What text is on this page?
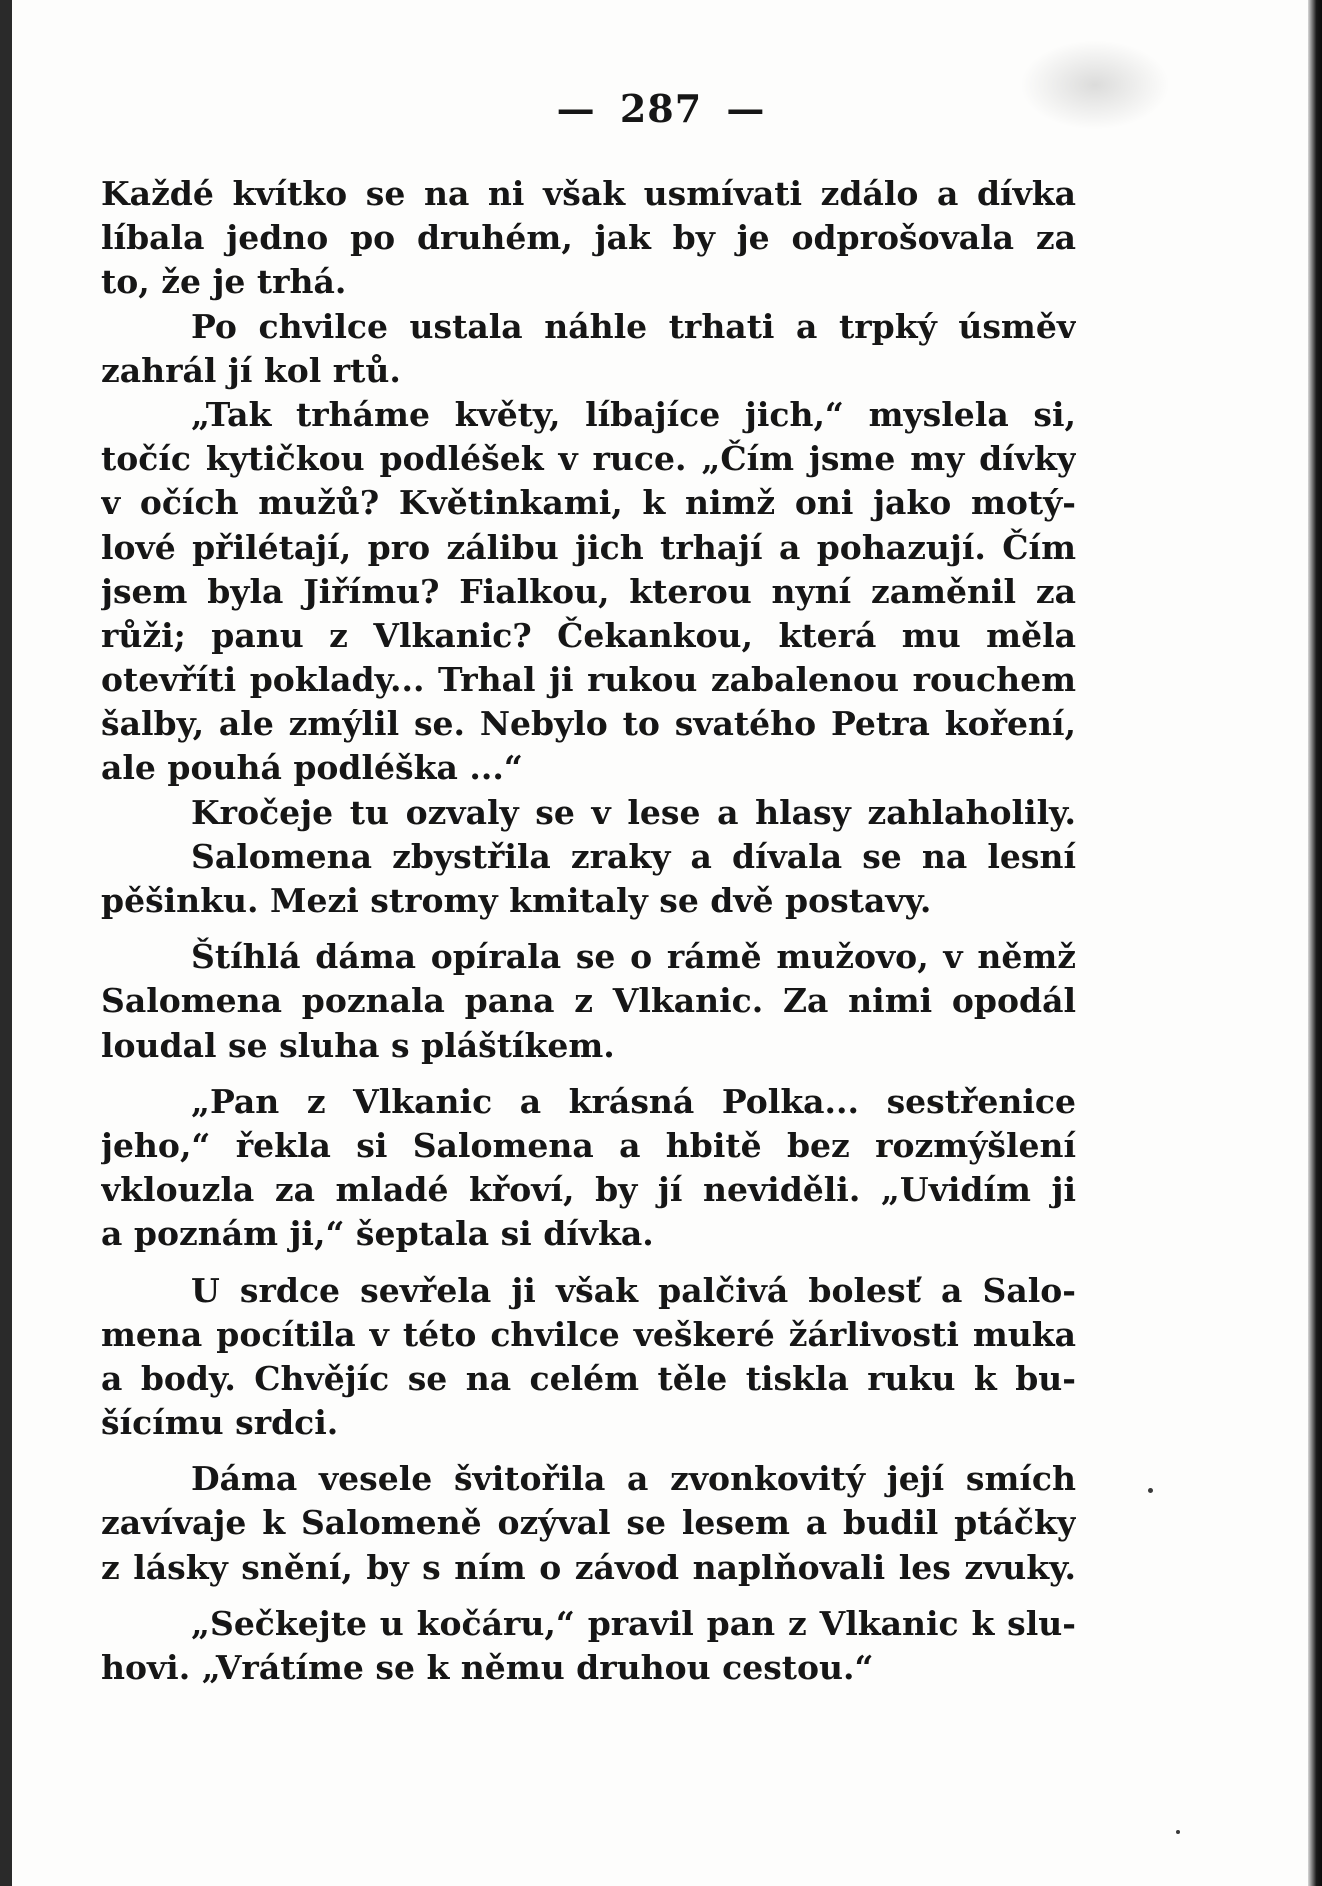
— 287 —
Každé kvítko se na ni však usmívati zdálo a dívka
líbala jedno po druhém, jak by je odprošovala za
to, že je trhá.
Po chvilce ustala náhle trhati a trpký úsměv
zahrál jí kol rtů.
„Tak trháme květy, líbajíce jich,“ myslela si,
točíc kytičkou podléšek v ruce. „Čím jsme my dívky
v očích mužů? Květinkami, k nimž oni jako motý-
lové přilétají, pro zálibu jich trhají a pohazují. Čím
jsem byla Jiřímu? Fialkou, kterou nyní zaměnil za
růži; panu z Vlkanic? Čekankou, která mu měla
otevříti poklady... Trhal ji rukou zabalenou rouchem
šalby, ale zmýlil se. Nebylo to svatého Petra koření,
ale pouhá podléška ...“
Kročeje tu ozvaly se v lese a hlasy zahlaholily.
Salomena zbystřila zraky a dívala se na lesní
pěšinku. Mezi stromy kmitaly se dvě postavy.
Štíhlá dáma opírala se o rámě mužovo, v němž
Salomena poznala pana z Vlkanic. Za nimi opodál
loudal se sluha s pláštíkem.
„Pan z Vlkanic a krásná Polka... sestřenice
jeho,“ řekla si Salomena a hbitě bez rozmýšlení
vklouzla za mladé křoví, by jí neviděli. „Uvidím ji
a poznám ji,“ šeptala si dívka.
U srdce sevřela ji však palčivá bolesť a Salo-
mena pocítila v této chvilce veškeré žárlivosti muka
a body. Chvějíc se na celém těle tiskla ruku k bu-
šícímu srdci.
Dáma vesele švitořila a zvonkovitý její smích
zavívaje k Salomeně ozýval se lesem a budil ptáčky
z lásky snění, by s ním o závod naplňovali les zvuky.
„Sečkejte u kočáru,“ pravil pan z Vlkanic k slu-
hovi. „Vrátíme se k němu druhou cestou.“
